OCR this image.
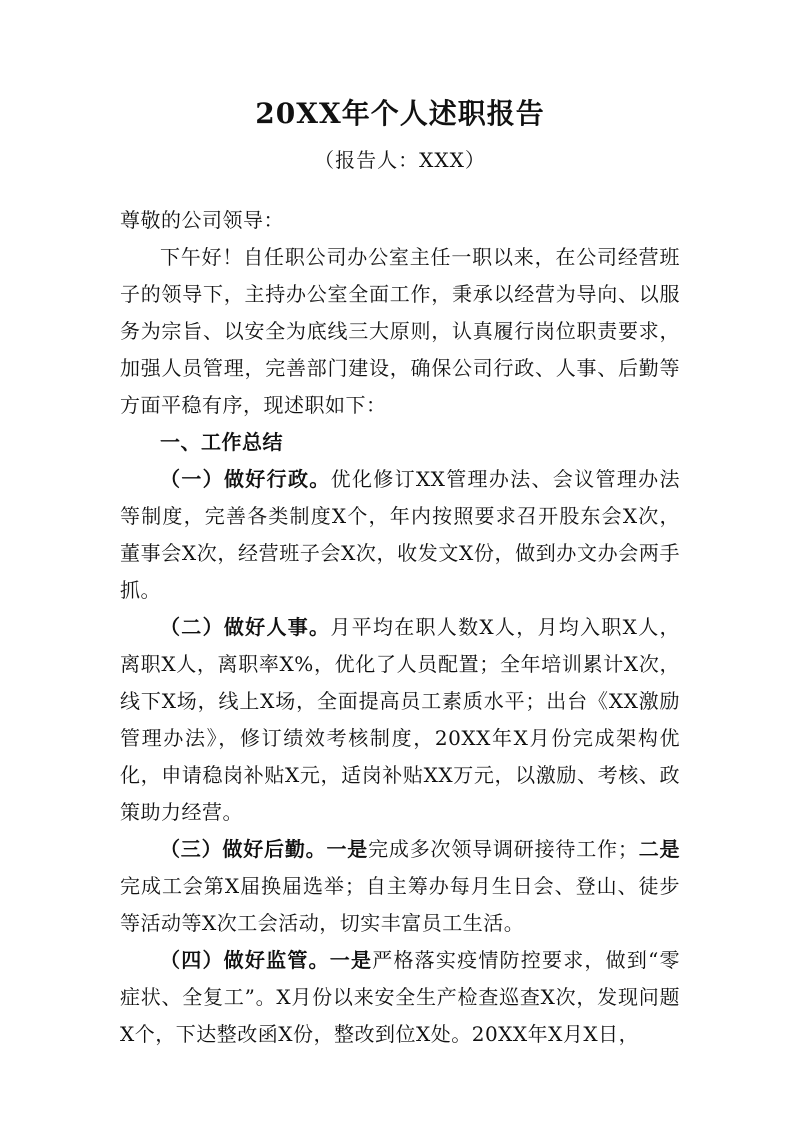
20XX年个人述职报告
（报告人：XXX）

尊敬的公司领导：

下午好！自任职公司办公室主任一职以来，在公司经营班子的领导下，主持办公室全面工作，秉承以经营为导向、以服务为宗旨、以安全为底线三大原则，认真履行岗位职责要求，加强人员管理，完善部门建设，确保公司行政、人事、后勤等方面平稳有序，现述职如下：

一、工作总结

（一）做好行政。优化修订XX管理办法、会议管理办法等制度，完善各类制度X个，年内按照要求召开股东会X次，董事会X次，经营班子会X次，收发文X份，做到办文办会两手抓。

（二）做好人事。月平均在职人数X人，月均入职X人，离职X人，离职率X%，优化了人员配置；全年培训累计X次，线下X场，线上X场，全面提高员工素质水平；出台《XX激励管理办法》，修订绩效考核制度，20XX年X月份完成架构优化，申请稳岗补贴X元，适岗补贴XX万元，以激励、考核、政策助力经营。

（三）做好后勤。一是完成多次领导调研接待工作；二是完成工会第X届换届选举；自主筹办每月生日会、登山、徒步等活动等X次工会活动，切实丰富员工生活。

（四）做好监管。一是严格落实疫情防控要求，做到“零症状、全复工”。X月份以来安全生产检查巡查X次，发现问题X个，下达整改函X份，整改到位X处。20XX年X月X日，
